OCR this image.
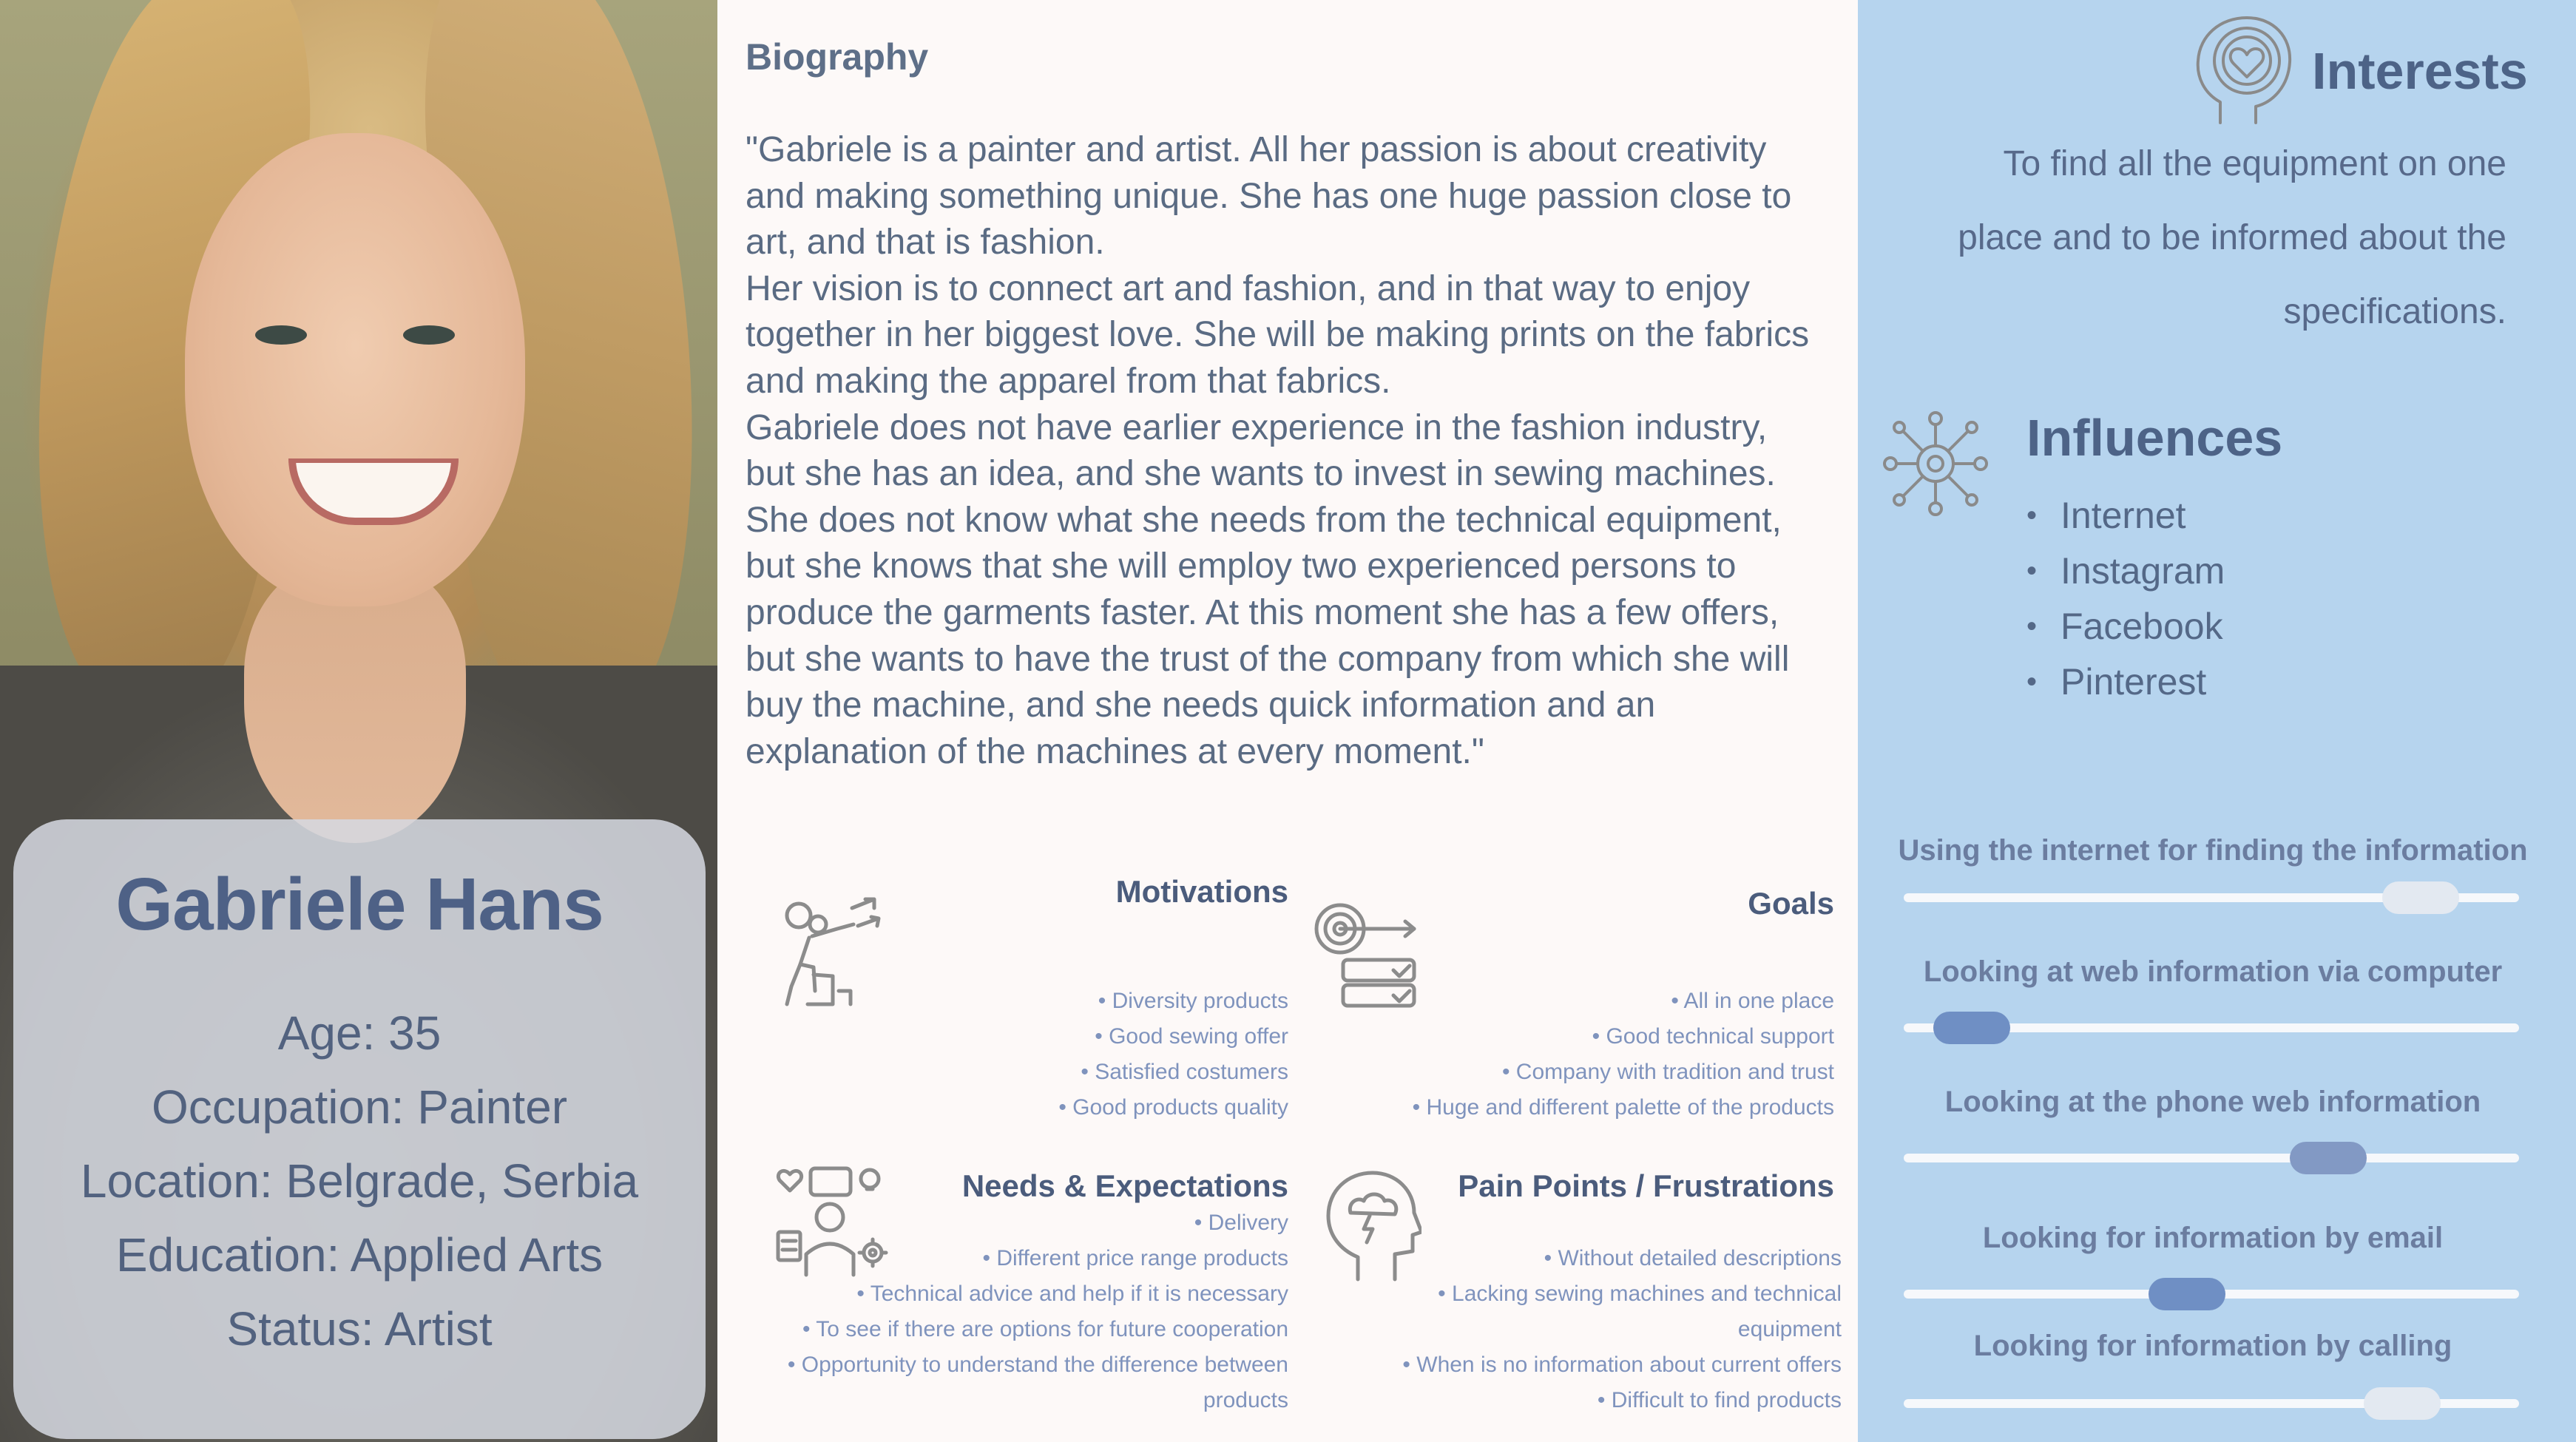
Gabriele Hans
Age: 35
Occupation: Painter
Location: Belgrade, Serbia
Education: Applied Arts
Status: Artist
Biography

"Gabriele is a painter and artist. All her passion is about creativity and making something unique. She has one huge passion close to art, and that is fashion.

Her vision is to connect art and fashion, and in that way to enjoy together in her biggest love. She will be making prints on the fabrics and making the apparel from that fabrics.

Gabriele does not have earlier experience in the fashion industry, but she has an idea, and she wants to invest in sewing machines.

She does not know what she needs from the technical equipment, but she knows that she will employ two experienced persons to produce the garments faster. At this moment she has a few offers, but she wants to have the trust of the company from which she will buy the machine, and she needs quick information and an explanation of the machines at every moment."

Motivations
• Diversity products
• Good sewing offer
• Satisfied costumers
• Good products quality
Goals
• All in one place
• Good technical support
• Company with tradition and trust
• Huge and different palette of the products
Needs & Expectations
• Delivery
• Different price range products
• Technical advice and help if it is necessary
• To see if there are options for future cooperation
• Opportunity to understand the difference between products
Pain Points / Frustrations
• Without detailed descriptions
• Lacking sewing machines and technical equipment
• When is no information about current offers
• Difficult to find products
Interests
To find all the equipment on one place and to be informed about the specifications.
Influences
• Internet
• Instagram
• Facebook
• Pinterest
Using the internet for finding the information
Looking at web information via computer
Looking at the phone web information
Looking for information by email
Looking for information by calling
